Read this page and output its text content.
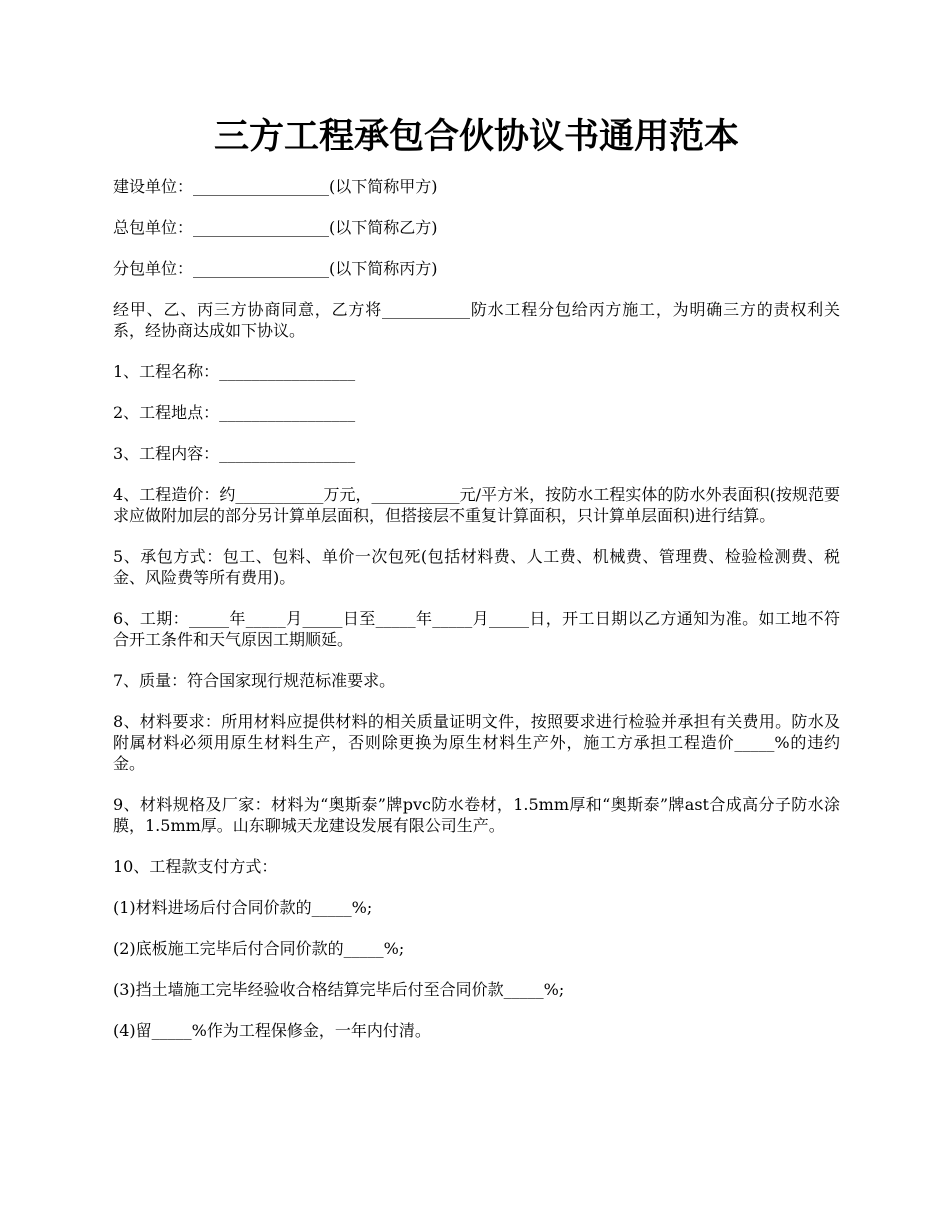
三方工程承包合伙协议书通用范本

建设单位：_________________(以下简称甲方)

总包单位：_________________(以下简称乙方)

分包单位：_________________(以下简称丙方)

经甲、乙、丙三方协商同意，乙方将___________防水工程分包给丙方施工，为明确三方的责权利关系，经协商达成如下协议。

1、工程名称：_________________

2、工程地点：_________________

3、工程内容：_________________

4、工程造价：约___________万元，___________元/平方米，按防水工程实体的防水外表面积(按规范要求应做附加层的部分另计算单层面积，但搭接层不重复计算面积，只计算单层面积)进行结算。

5、承包方式：包工、包料、单价一次包死(包括材料费、人工费、机械费、管理费、检验检测费、税金、风险费等所有费用)。

6、工期：_____年_____月_____日至_____年_____月_____日，开工日期以乙方通知为准。如工地不符合开工条件和天气原因工期顺延。

7、质量：符合国家现行规范标准要求。

8、材料要求：所用材料应提供材料的相关质量证明文件，按照要求进行检验并承担有关费用。防水及附属材料必须用原生材料生产，否则除更换为原生材料生产外，施工方承担工程造价_____%的违约金。

9、材料规格及厂家：材料为“奥斯泰”牌pvc防水卷材，1.5mm厚和“奥斯泰”牌ast合成高分子防水涂膜，1.5mm厚。山东聊城天龙建设发展有限公司生产。

10、工程款支付方式：

(1)材料进场后付合同价款的_____%;

(2)底板施工完毕后付合同价款的_____%;

(3)挡土墙施工完毕经验收合格结算完毕后付至合同价款_____%;

(4)留_____%作为工程保修金，一年内付清。
